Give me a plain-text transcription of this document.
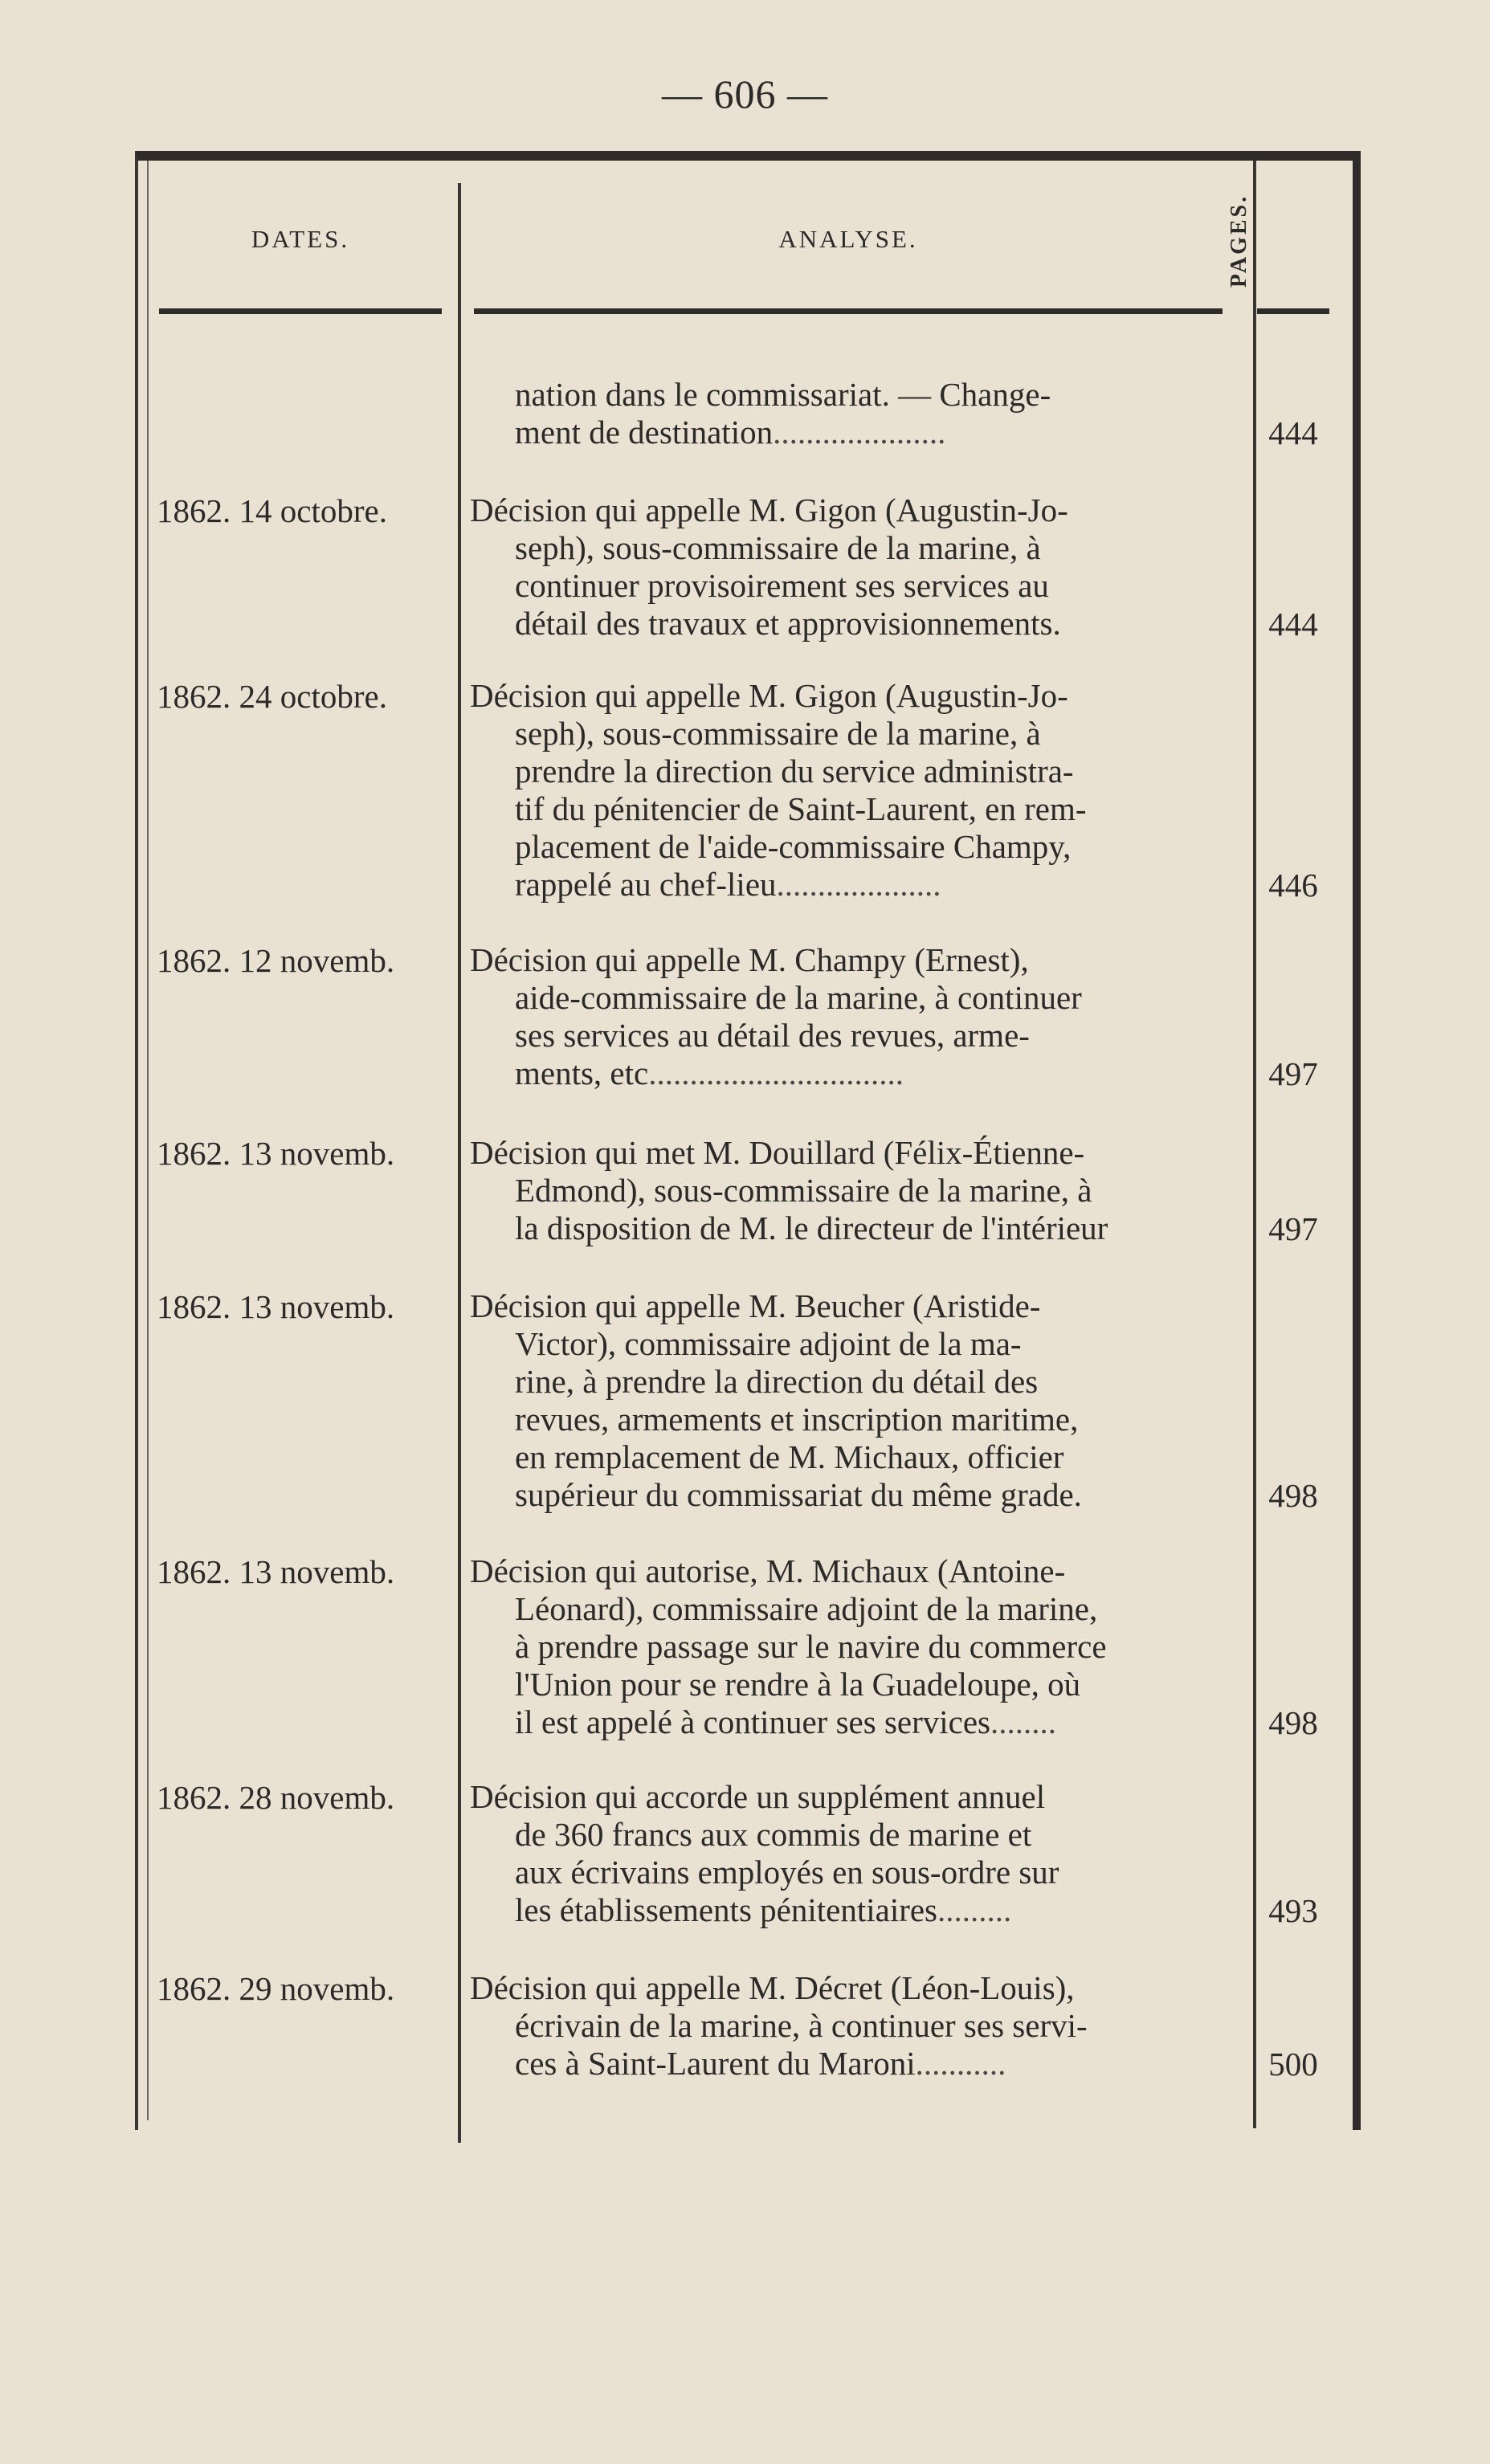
— 606 —
DATES.	ANALYSE.	PAGES.
nation dans le commissariat. — Change-
ment de destination.....................	444
1862. 14 octobre.	Décision qui appelle M. Gigon (Augustin-Jo-
seph), sous-commissaire de la marine, à
continuer provisoirement ses services au
détail des travaux et approvisionnements.	444
1862. 24 octobre.	Décision qui appelle M. Gigon (Augustin-Jo-
seph), sous-commissaire de la marine, à
prendre la direction du service administra-
tif du pénitencier de Saint-Laurent, en rem-
placement de l'aide-commissaire Champy,
rappelé au chef-lieu....................	446
1862. 12 novemb.	Décision qui appelle M. Champy (Ernest),
aide-commissaire de la marine, à continuer
ses services au détail des revues, arme-
ments, etc...............................	497
1862. 13 novemb.	Décision qui met M. Douillard (Félix-Étienne-
Edmond), sous-commissaire de la marine, à
la disposition de M. le directeur de l'intérieur	497
1862. 13 novemb.	Décision qui appelle M. Beucher (Aristide-
Victor), commissaire adjoint de la ma-
rine, à prendre la direction du détail des
revues, armements et inscription maritime,
en remplacement de M. Michaux, officier
supérieur du commissariat du même grade.	498
1862. 13 novemb.	Décision qui autorise, M. Michaux (Antoine-
Léonard), commissaire adjoint de la marine,
à prendre passage sur le navire du commerce
l'Union pour se rendre à la Guadeloupe, où
il est appelé à continuer ses services........	498
1862. 28 novemb.	Décision qui accorde un supplément annuel
de 360 francs aux commis de marine et
aux écrivains employés en sous-ordre sur
les établissements pénitentiaires.........	493
1862. 29 novemb.	Décision qui appelle M. Décret (Léon-Louis),
écrivain de la marine, à continuer ses servi-
ces à Saint-Laurent du Maroni...........	500
